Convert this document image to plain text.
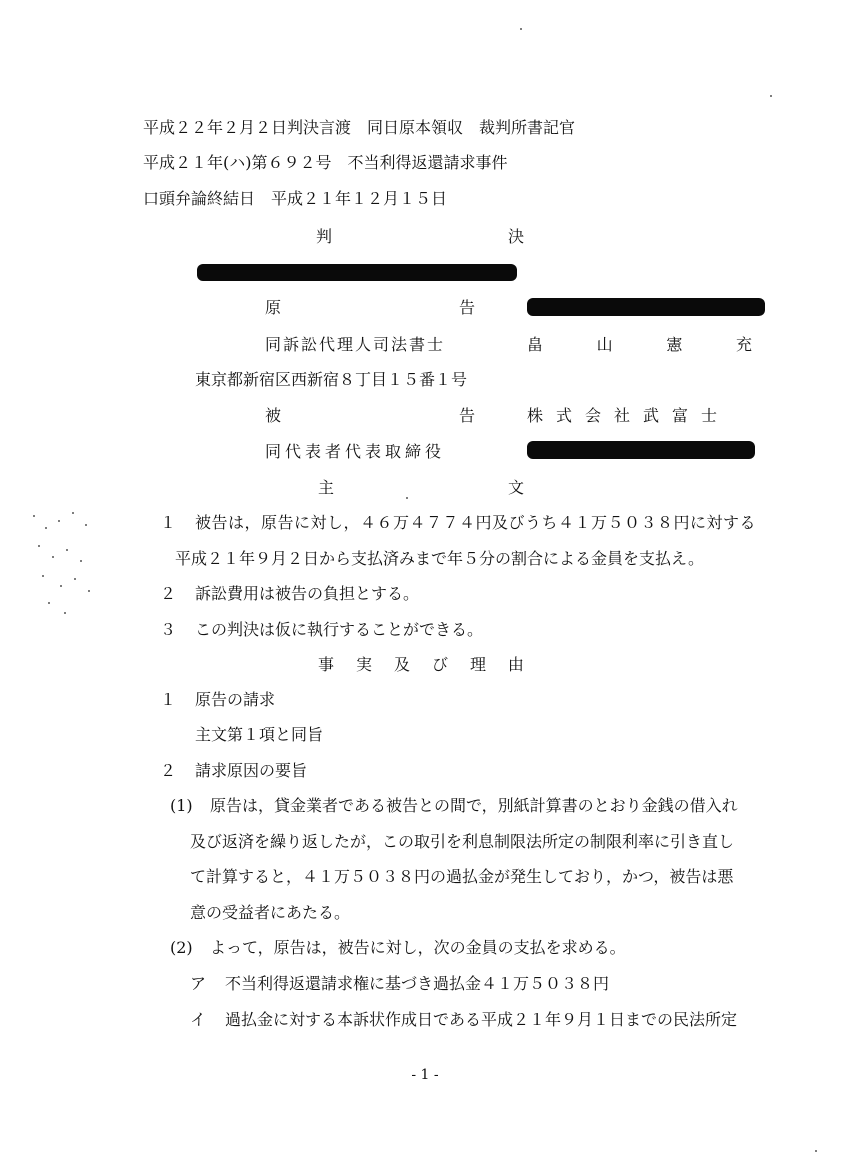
平成２２年２月２日判決言渡　同日原本領収　裁判所書記官
平成２１年(ハ)第６９２号　不当利得返還請求事件
口頭弁論終結日　平成２１年１２月１５日
判	決
原	告
同訴訟代理人司法書士	畠	山	憲	充
東京都新宿区西新宿８丁目１５番１号
被	告	株式会社武富士
同代表者代表取締役
主	文
１ 被告は，原告に対し，４６万４７７４円及びうち４１万５０３８円に対する
平成２１年９月２日から支払済みまで年５分の割合による金員を支払え。
２ 訴訟費用は被告の負担とする。
３ この判決は仮に執行することができる。
事 実 及 び 理 由
１ 原告の請求
主文第１項と同旨
２ 請求原因の要旨
(1) 原告は，貸金業者である被告との間で，別紙計算書のとおり金銭の借入れ
及び返済を繰り返したが，この取引を利息制限法所定の制限利率に引き直し
て計算すると，４１万５０３８円の過払金が発生しており，かつ，被告は悪
意の受益者にあたる。
(2) よって，原告は，被告に対し，次の金員の支払を求める。
ア 不当利得返還請求権に基づき過払金４１万５０３８円
イ 過払金に対する本訴状作成日である平成２１年９月１日までの民法所定
- 1 -
